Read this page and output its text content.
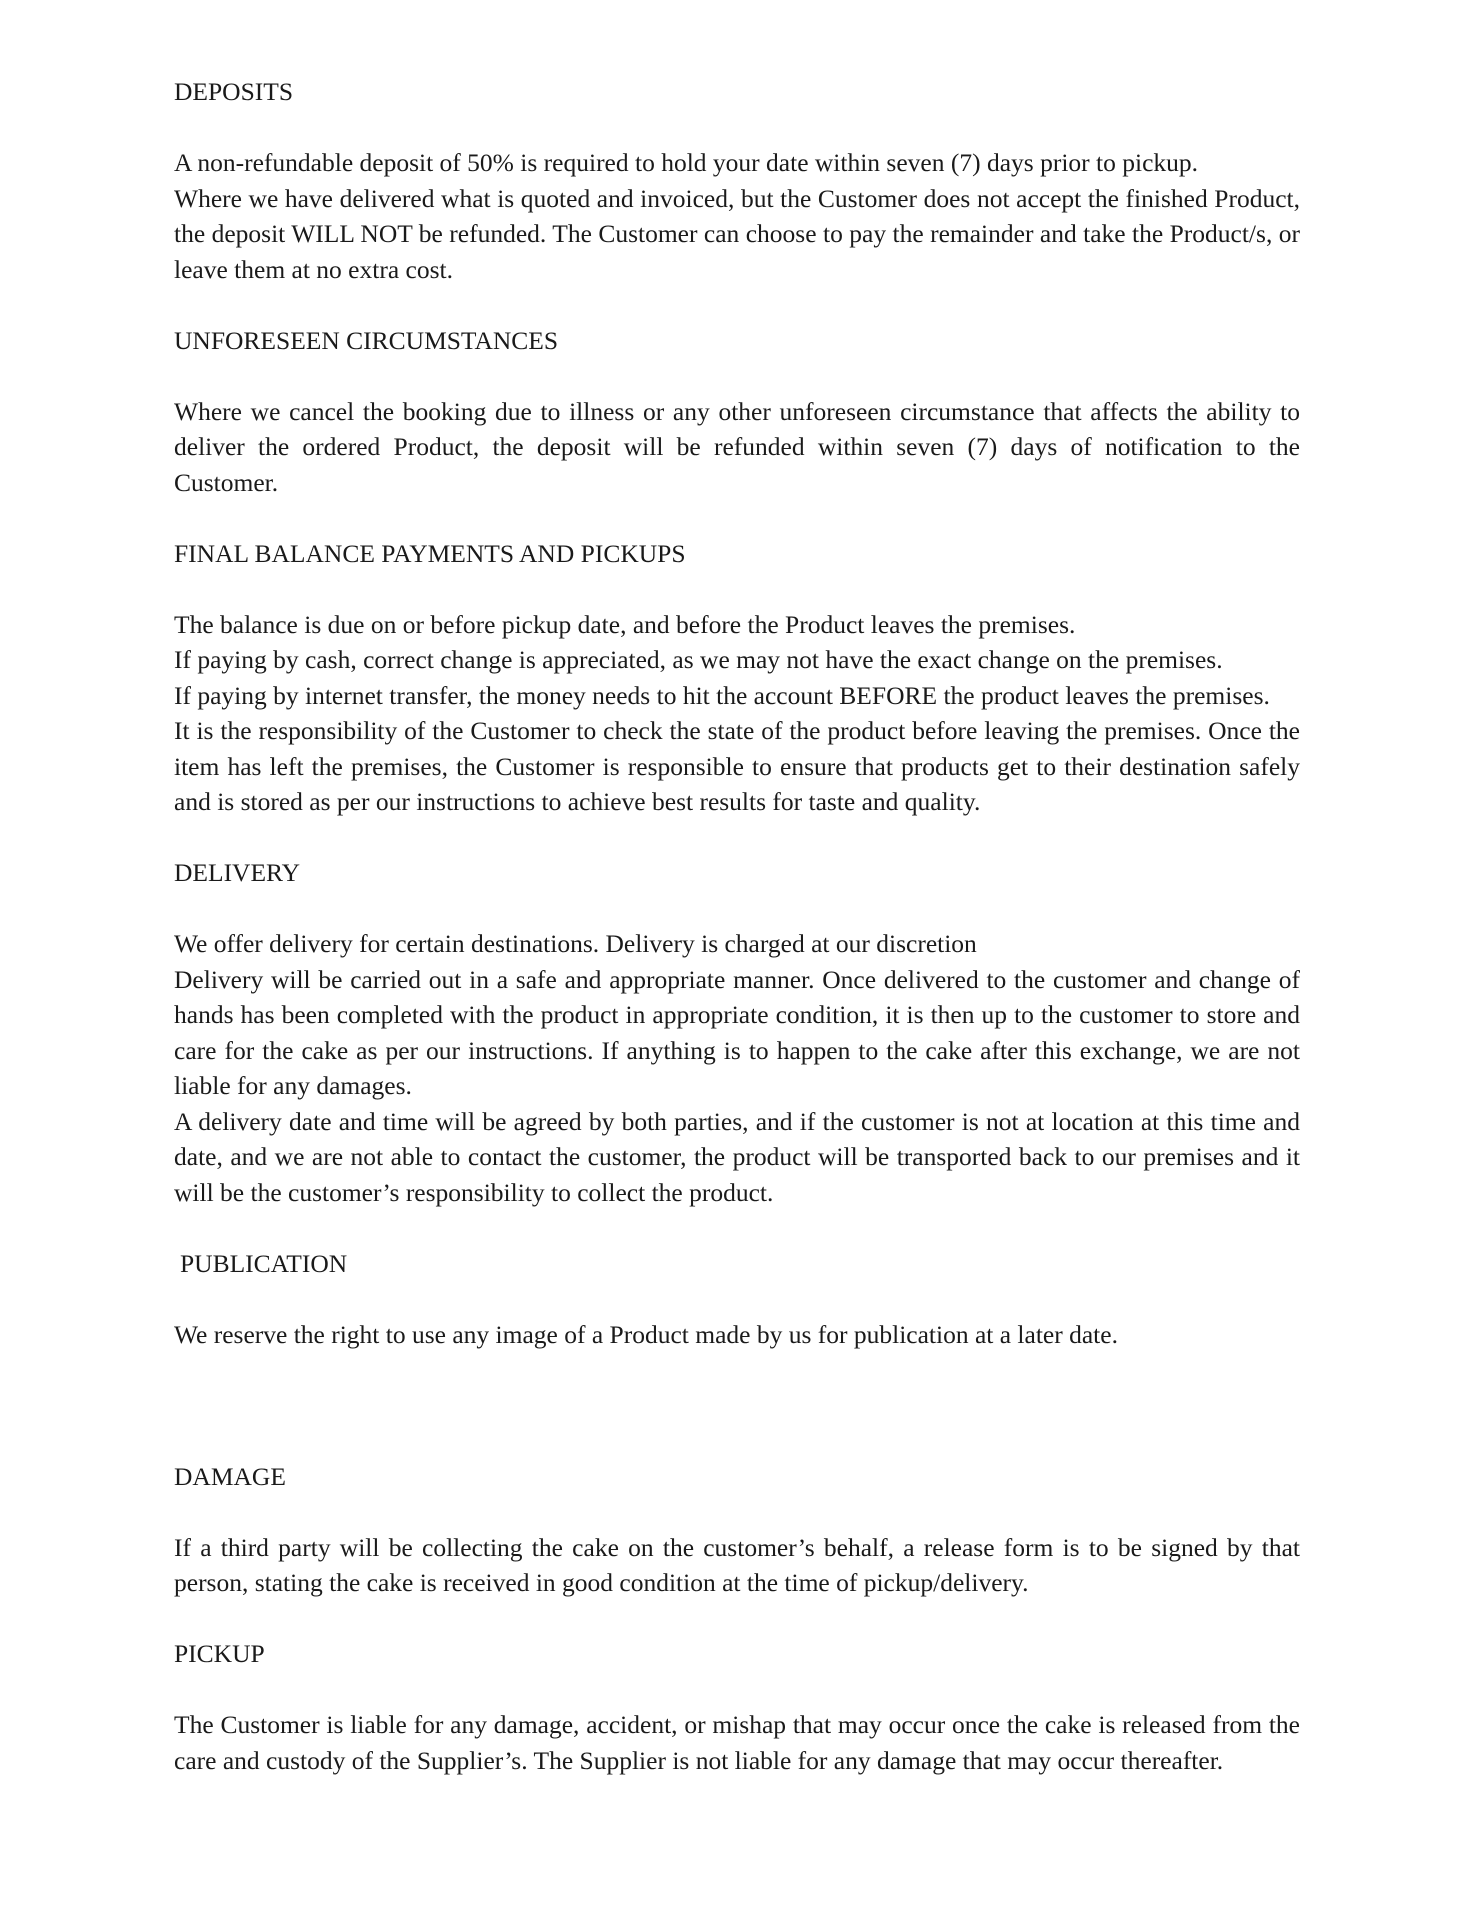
DEPOSITS

A non-refundable deposit of 50% is required to hold your date within seven (7) days prior to pickup.

Where we have delivered what is quoted and invoiced, but the Customer does not accept the finished Product, the deposit WILL NOT be refunded. The Customer can choose to pay the remainder and take the Product/s, or leave them at no extra cost.

UNFORESEEN CIRCUMSTANCES

Where we cancel the booking due to illness or any other unforeseen circumstance that affects the ability to deliver the ordered Product, the deposit will be refunded within seven (7) days of notification to the Customer.

FINAL BALANCE PAYMENTS AND PICKUPS

The balance is due on or before pickup date, and before the Product leaves the premises.

If paying by cash, correct change is appreciated, as we may not have the exact change on the premises.

If paying by internet transfer, the money needs to hit the account BEFORE the product leaves the premises.

It is the responsibility of the Customer to check the state of the product before leaving the premises. Once the item has left the premises, the Customer is responsible to ensure that products get to their destination safely and is stored as per our instructions to achieve best results for taste and quality.

DELIVERY

We offer delivery for certain destinations. Delivery is charged at our discretion

Delivery will be carried out in a safe and appropriate manner. Once delivered to the customer and change of hands has been completed with the product in appropriate condition, it is then up to the customer to store and care for the cake as per our instructions. If anything is to happen to the cake after this exchange, we are not liable for any damages.

A delivery date and time will be agreed by both parties, and if the customer is not at location at this time and date, and we are not able to contact the customer, the product will be transported back to our premises and it will be the customer’s responsibility to collect the product.

PUBLICATION

We reserve the right to use any image of a Product made by us for publication at a later date.

DAMAGE

If a third party will be collecting the cake on the customer’s behalf, a release form is to be signed by that person, stating the cake is received in good condition at the time of pickup/delivery.

PICKUP

The Customer is liable for any damage, accident, or mishap that may occur once the cake is released from the care and custody of the Supplier’s. The Supplier is not liable for any damage that may occur thereafter.
